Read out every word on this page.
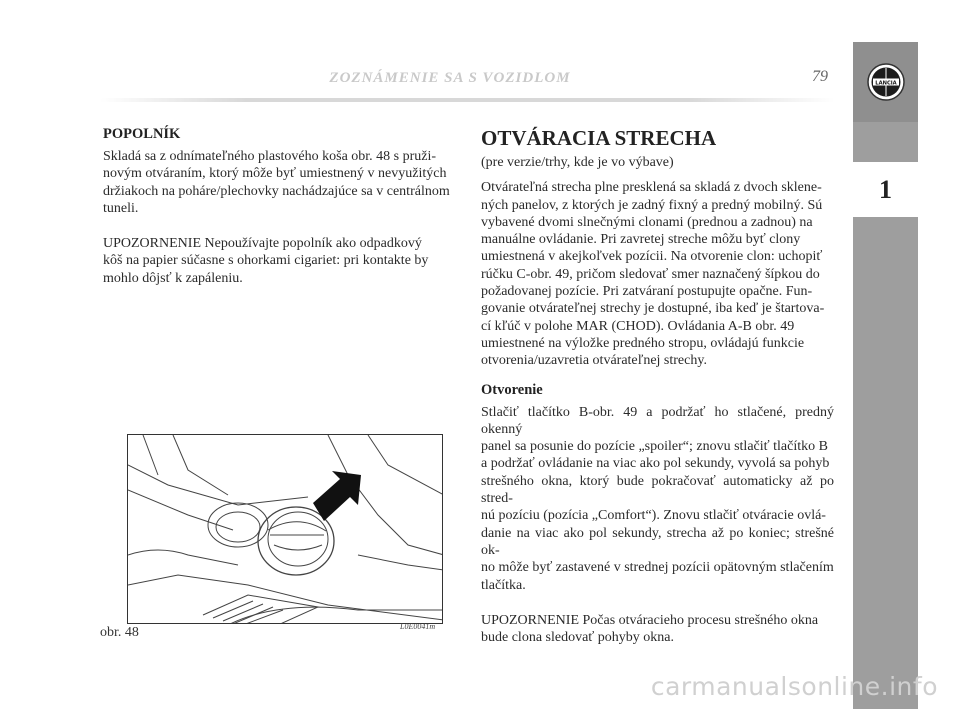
ZOZNÁMENIE SA S VOZIDLOM	79	LANCIA
1
POPOLNÍK
Skladá sa z odnímateľného plastového koša obr. 48 s pruži-
novým otváraním, ktorý môže byť umiestnený v nevyužitých
držiakoch na poháre/plechovky nachádzajúce sa v centrálnom
tuneli.
UPOZORNENIE Nepoužívajte popolník ako odpadkový
kôš na papier súčasne s ohorkami cigariet: pri kontakte by
mohlo dôjsť k zapáleniu.
obr. 48	L0E0041m
OTVÁRACIA STRECHA
(pre verzie/trhy, kde je vo výbave)
Otvárateľná strecha plne presklená sa skladá z dvoch sklene-
ných panelov, z ktorých je zadný fixný a predný mobilný. Sú
vybavené dvomi slnečnými clonami (prednou a zadnou) na
manuálne ovládanie. Pri zavretej streche môžu byť clony
umiestnená v akejkoľvek pozícii. Na otvorenie clon: uchopiť
rúčku C-obr. 49, pričom sledovať smer naznačený šípkou do
požadovanej pozície. Pri zatváraní postupujte opačne. Fun-
govanie otvárateľnej strechy je dostupné, iba keď je štartova-
cí kľúč v polohe MAR (CHOD). Ovládania A-B obr. 49
umiestnené na výložke predného stropu, ovládajú funkcie
otvorenia/uzavretia otvárateľnej strechy.
Otvorenie
Stlačiť tlačítko B-obr. 49 a podržať ho stlačené, predný okenný
panel sa posunie do pozície „spoiler“; znovu stlačiť tlačítko B
a podržať ovládanie na viac ako pol sekundy, vyvolá sa pohyb
strešného okna, ktorý bude pokračovať automaticky až po stred-
nú pozíciu (pozícia „Comfort“). Znovu stlačiť otváracie ovlá-
danie na viac ako pol sekundy, strecha až po koniec; strešné ok-
no môže byť zastavené v strednej pozícii opätovným stlačením
tlačítka.
UPOZORNENIE Počas otváracieho procesu strešného okna
bude clona sledovať pohyby okna.
carmanualsonline.info
